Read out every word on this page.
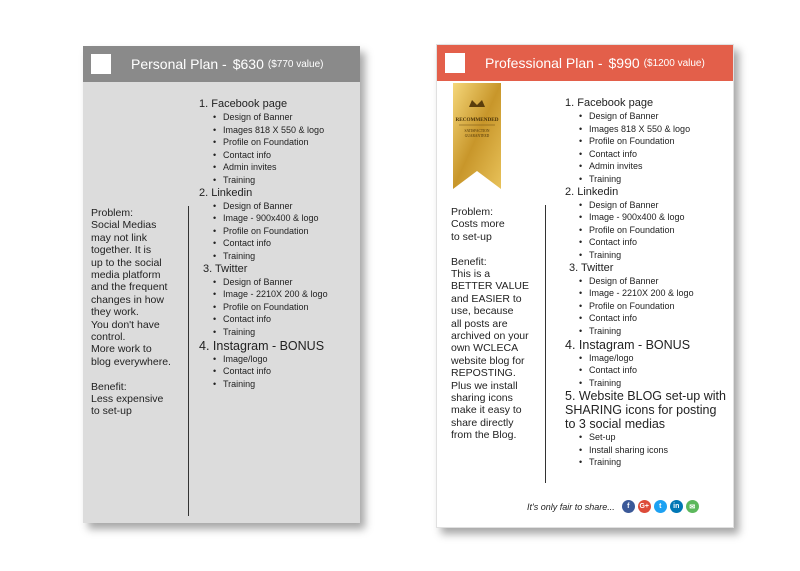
Personal Plan - $630 ($770 value)
Problem:
Social Medias
may not link
together. It is
up to the social
media platform
and the frequent
changes in how
they work.
You don't have
control.
More work to
blog everywhere.
Benefit:
Less expensive
to set-up

1. Facebook page

• Design of Banner
• Images 818 X 550 & logo
• Profile on Foundation
• Contact info
• Admin invites
• Training

2. Linkedin

• Design of Banner
• Image - 900x400 & logo
• Profile on Foundation
• Contact info
• Training

3. Twitter

• Design of Banner
• Image - 2210X 200 & logo
• Profile on Foundation
• Contact info
• Training

4. Instagram - BONUS

• Image/logo
• Contact info
• Training
Professional Plan - $990 ($1200 value)
RECOMMENDED
SATISFACTION
GUARANTEED
Problem:
Costs more
to set-up
Benefit:
This is a
BETTER VALUE
and EASIER to
use, because
all posts are
archived on your
own WCLECA
website blog for
REPOSTING.
Plus we install
sharing icons
make it easy to
share directly
from the Blog.

1. Facebook page

• Design of Banner
• Images 818 X 550 & logo
• Profile on Foundation
• Contact info
• Admin invites
• Training

2. Linkedin

• Design of Banner
• Image - 900x400 & logo
• Profile on Foundation
• Contact info
• Training

3. Twitter

• Design of Banner
• Image - 2210X 200 & logo
• Profile on Foundation
• Contact info
• Training

4. Instagram - BONUS

• Image/logo
• Contact info
• Training

5. Website BLOG set-up with SHARING icons for posting to 3 social medias

• Set-up
• Install sharing icons
• Training
It's only fair to share...	f	G+	t	in	✉
